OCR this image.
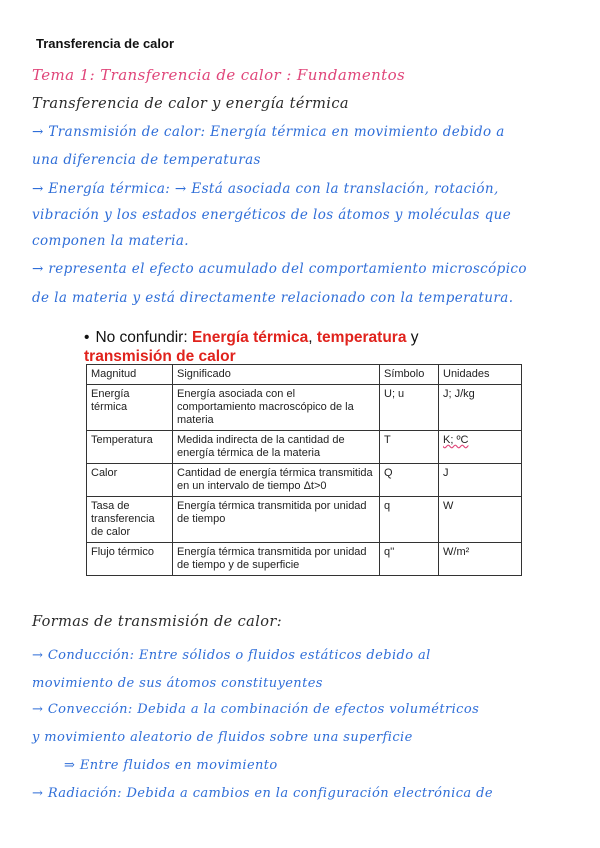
Transferencia de calor
Tema 1: Transferencia de calor : Fundamentos
Transferencia de calor y energía térmica
→ Transmisión de calor: Energía térmica en movimiento debido a
una diferencia de temperaturas
→ Energía térmica: → Está asociada con la translación, rotación,
vibración y los estados energéticos de los átomos y moléculas que
componen la materia.
→ representa el efecto acumulado del comportamiento microscópico
de la materia y está directamente relacionado con la temperatura.
• No confundir: Energía térmica, temperatura y transmisión de calor
Magnitud	Significado	Símbolo	Unidades
Energía térmica	Energía asociada con el comportamiento macroscópico de la materia	U; u	J; J/kg
Temperatura	Medida indirecta de la cantidad de energía térmica de la materia	T	K; ºC
Calor	Cantidad de energía térmica transmitida en un intervalo de tiempo Δt>0	Q	J
Tasa de transferencia de calor	Energía térmica transmitida por unidad de tiempo	q	W
Flujo térmico	Energía térmica transmitida por unidad de tiempo y de superficie	q''	W/m²
Formas de transmisión de calor:
→ Conducción: Entre sólidos o fluidos estáticos debido al
movimiento de sus átomos constituyentes
→ Convección: Debida a la combinación de efectos volumétricos
y movimiento aleatorio de fluidos sobre una superficie
⇒ Entre fluidos en movimiento
→ Radiación: Debida a cambios en la configuración electrónica de
